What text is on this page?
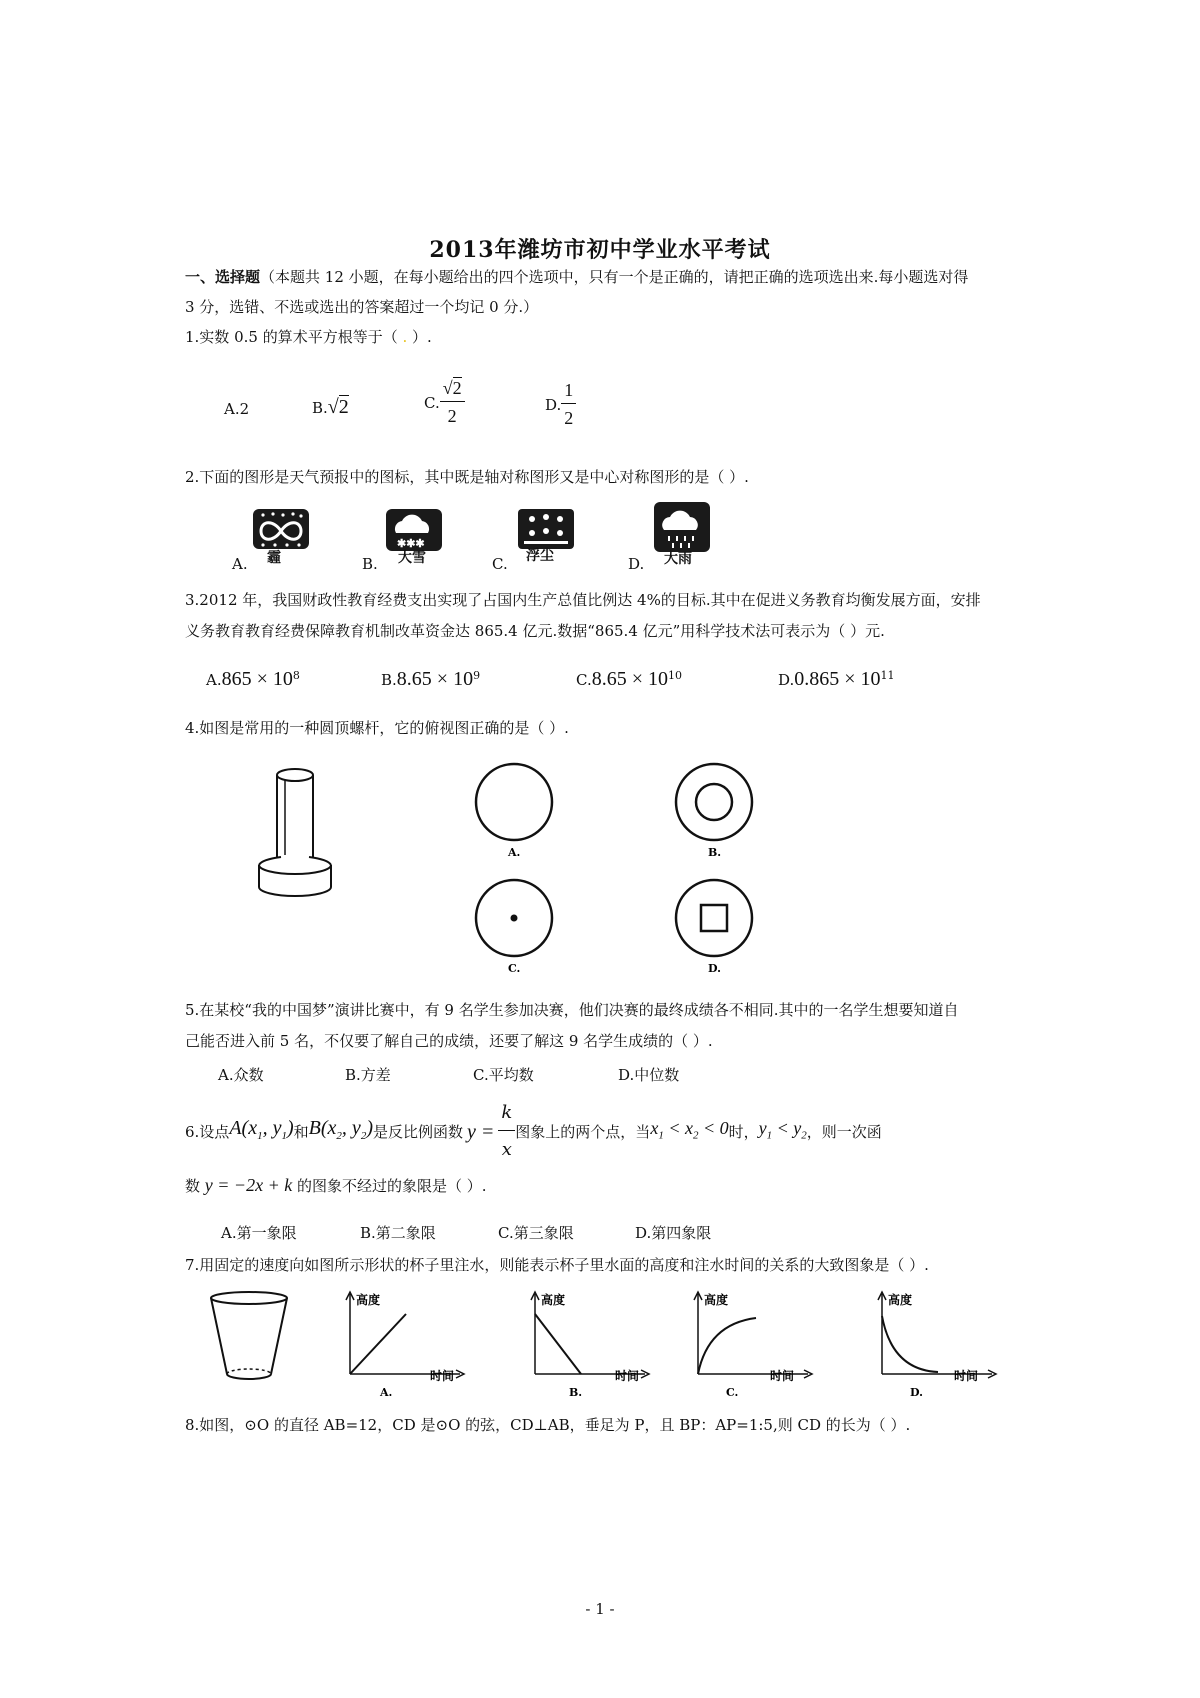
2013年潍坊市初中学业水平考试
一、选择题（本题共 12 小题，在每小题给出的四个选项中，只有一个是正确的，请把正确的选项选出来.每小题选对得
3 分，选错、不选或选出的答案超过一个均记 0 分.）
1.实数 0.5 的算术平方根等于（ . ）.
A.2	B.√2	C. $\frac{√2}{2}$	D. $\frac{1}{2}$
2.下面的图形是天气预报中的图标，其中既是轴对称图形又是中心对称图形的是（ ）.
A. 霾
✱✱✱
B. 大雪	C. 浮尘	D. 大雨
3.2012 年，我国财政性教育经费支出实现了占国内生产总值比例达 4%的目标.其中在促进义务教育均衡发展方面，安排
义务教育教育经费保障教育机制改革资金达 865.4 亿元.数据“865.4 亿元”用科学技术法可表示为（ ）元.
$A.865 \times 10^8$	$B.8.65 \times 10^9$	$C.8.65 \times 10^{10}$	$D.0.865 \times 10^{11}$
4.如图是常用的一种圆顶螺杆，它的俯视图正确的是（ ）.
A.	B.
C.	D.
5.在某校“我的中国梦”演讲比赛中，有 9 名学生参加决赛，他们决赛的最终成绩各不相同.其中的一名学生想要知道自
己能否进入前 5 名，不仅要了解自己的成绩，还要了解这 9 名学生成绩的（ ）.
A.众数	B.方差	C.平均数	D.中位数
6.设点 $A(x_1$, $y_1$) 和 $B(x_2$, $y_2$) 是反比例函数 $y = \frac{k}{x}$ 图象上的两个点，当 $x_1 < x_2 < 0$ 时， $y_1 < y_2$ ，则一次函
数 y = −2x + k 的图象不经过的象限是（ ）.
A.第一象限	B.第二象限	C.第三象限	D.第四象限
7.用固定的速度向如图所示形状的杯子里注水，则能表示杯子里水面的高度和注水时间的关系的大致图象是（ ）.
高度
时间
A.
高度
时间
B.
高度
时间
C.
高度
时间
D.
8.如图，⊙O 的直径 AB=12，CD 是⊙O 的弦，CD⊥AB，垂足为 P，且 BP：AP=1:5,则 CD 的长为（ ）.
- 1 -
